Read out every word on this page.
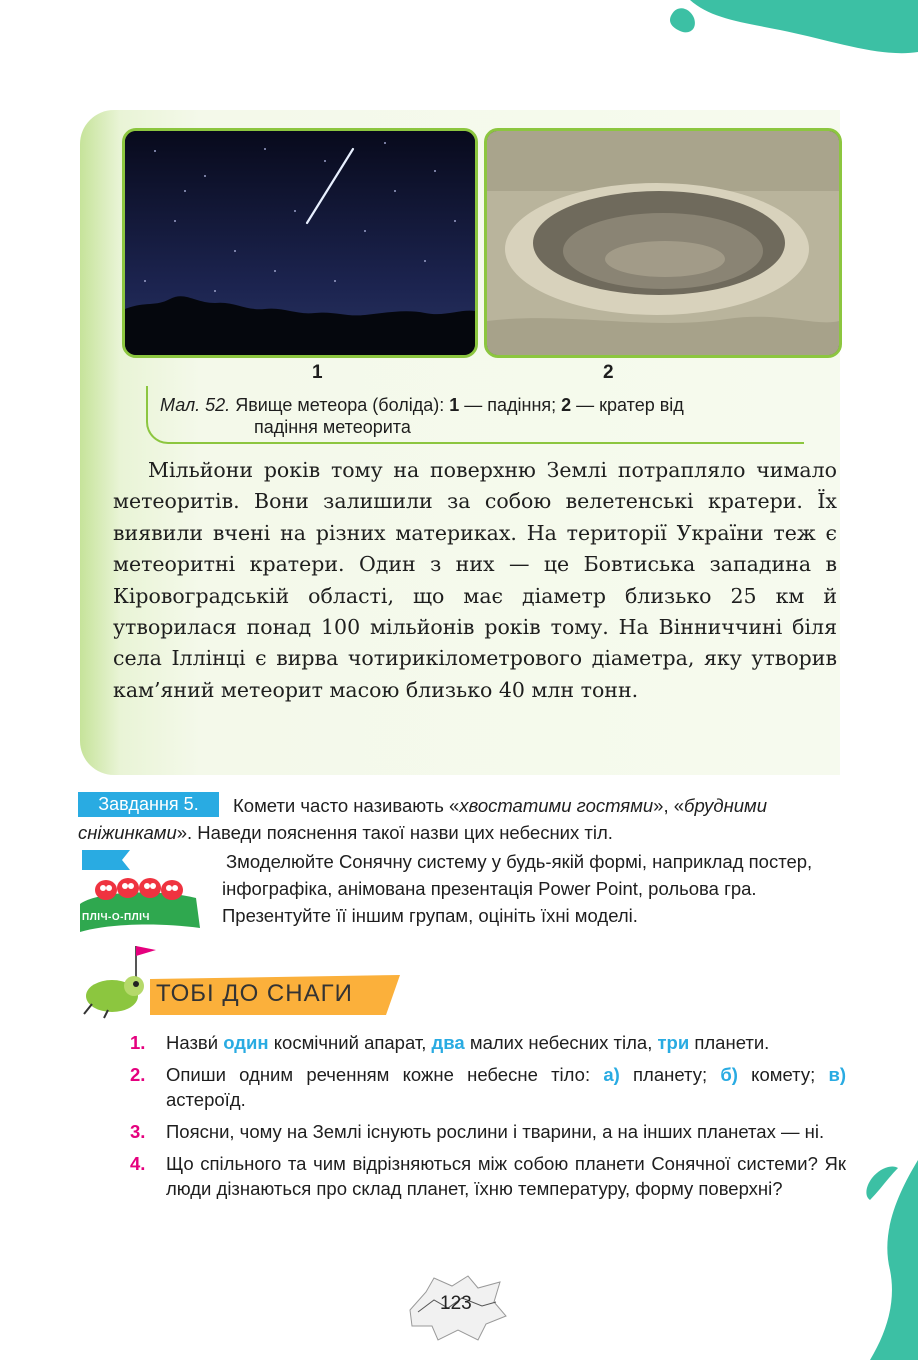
1	2
Мал. 52. Явище метеора (боліда): 1 — падіння; 2 — кратер від
падіння метеорита

Мільйони років тому на поверхню Землі потрапляло чимало метеоритів. Вони залишили за собою велетенські кратери. Їх виявили вчені на різних материках. На території України теж є метеоритні кратери. Один з них — це Бовтиська западина в Кіровоградській області, що має діаметр близько 25 км й утворилася понад 100 мільйонів років тому. На Вінниччині біля села Іллінці є вирва чотирикілометрового діаметра, яку утворив кам’яний метеорит масою близько 40 млн тонн.

Завдання 5.	Комети часто називають «хвостатими гостями», «брудними сніжинками». Наведи пояснення такої назви цих небесних тіл.
ПЛІЧ-О-ПЛІЧ
Змоделюйте Сонячну систему у будь-якій формі, наприклад постер, інфографіка, анімована презентація Power Point, рольова гра. Презентуйте її іншим групам, оцініть їхні моделі.
ТОБІ ДО СНАГИ
1. Назви́ один космічний апарат, два малих небесних тіла, три планети.
2. Опиши одним реченням кожне небесне тіло: а) планету; б) комету; в) астероїд.
3. Поясни, чому на Землі існують рослини і тварини, а на інших планетах — ні.
4. Що спільного та чим відрізняються між собою планети Сонячної системи? Як люди дізнаються про склад планет, їхню температуру, форму поверхні?
123
